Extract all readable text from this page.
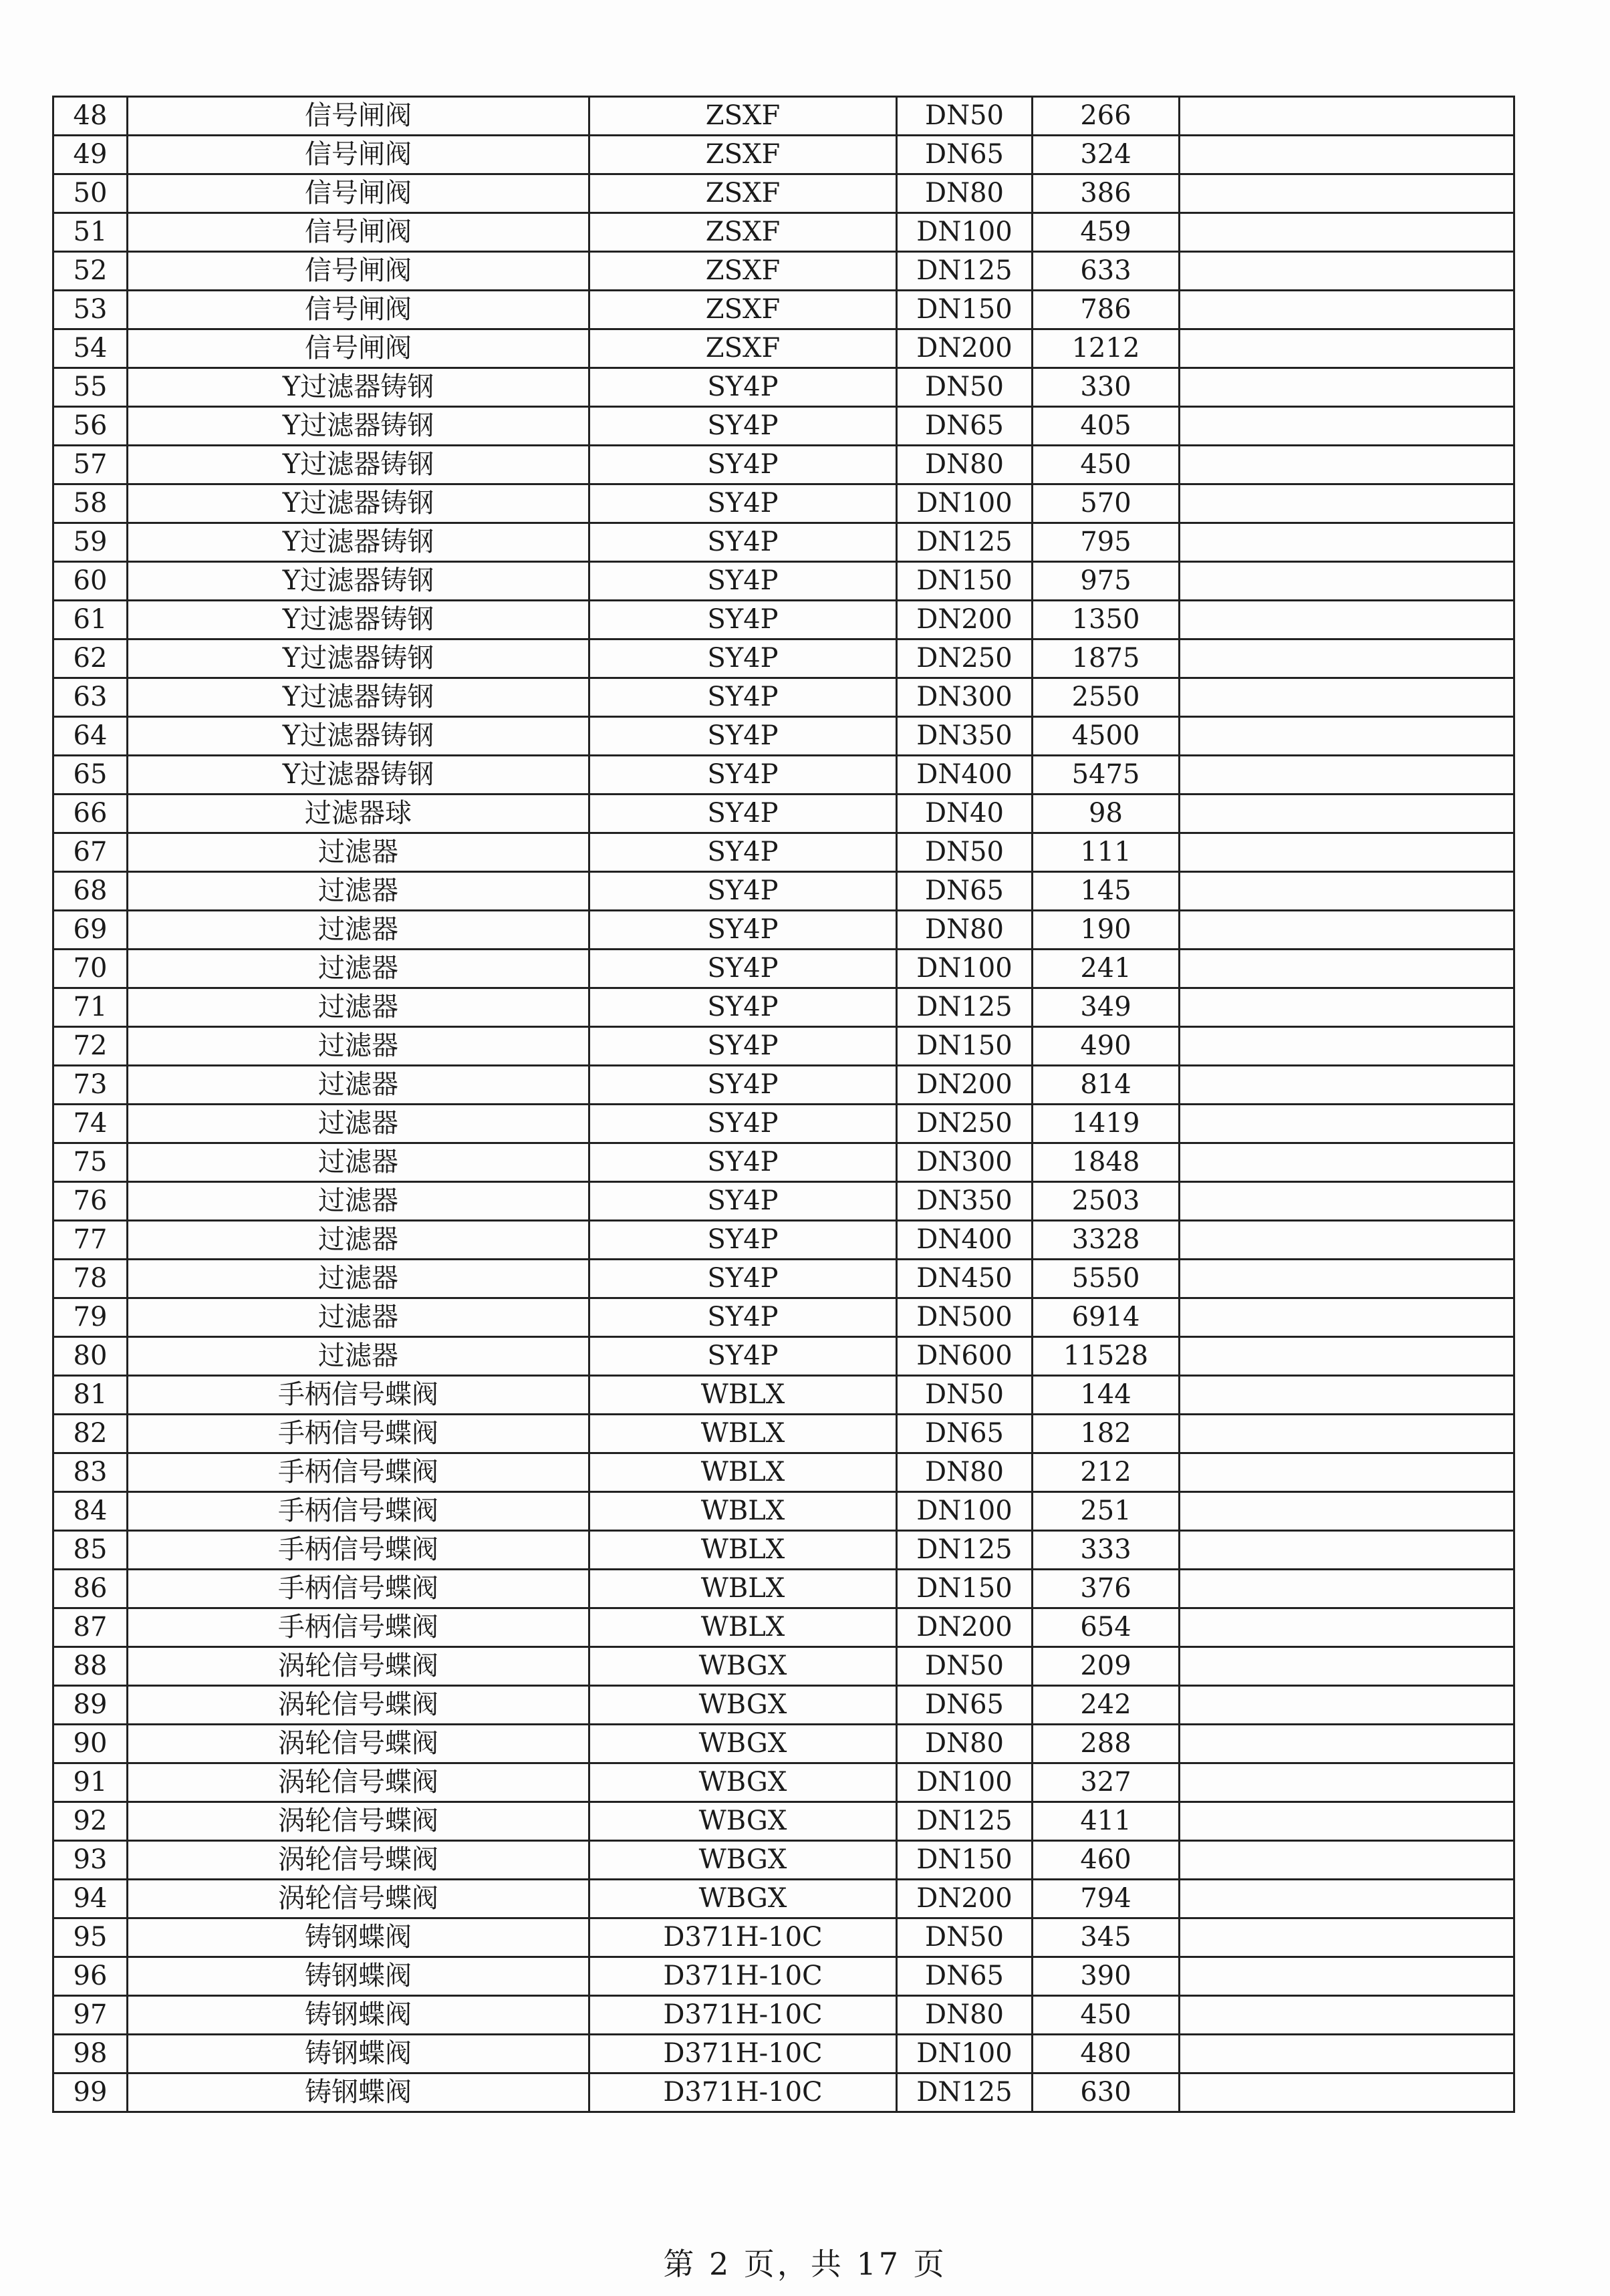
48	信号闸阀	ZSXF	DN50	266	
49	信号闸阀	ZSXF	DN65	324	
50	信号闸阀	ZSXF	DN80	386	
51	信号闸阀	ZSXF	DN100	459	
52	信号闸阀	ZSXF	DN125	633	
53	信号闸阀	ZSXF	DN150	786	
54	信号闸阀	ZSXF	DN200	1212	
55	Y过滤器铸钢	SY4P	DN50	330	
56	Y过滤器铸钢	SY4P	DN65	405	
57	Y过滤器铸钢	SY4P	DN80	450	
58	Y过滤器铸钢	SY4P	DN100	570	
59	Y过滤器铸钢	SY4P	DN125	795	
60	Y过滤器铸钢	SY4P	DN150	975	
61	Y过滤器铸钢	SY4P	DN200	1350	
62	Y过滤器铸钢	SY4P	DN250	1875	
63	Y过滤器铸钢	SY4P	DN300	2550	
64	Y过滤器铸钢	SY4P	DN350	4500	
65	Y过滤器铸钢	SY4P	DN400	5475	
66	过滤器球	SY4P	DN40	98	
67	过滤器	SY4P	DN50	111	
68	过滤器	SY4P	DN65	145	
69	过滤器	SY4P	DN80	190	
70	过滤器	SY4P	DN100	241	
71	过滤器	SY4P	DN125	349	
72	过滤器	SY4P	DN150	490	
73	过滤器	SY4P	DN200	814	
74	过滤器	SY4P	DN250	1419	
75	过滤器	SY4P	DN300	1848	
76	过滤器	SY4P	DN350	2503	
77	过滤器	SY4P	DN400	3328	
78	过滤器	SY4P	DN450	5550	
79	过滤器	SY4P	DN500	6914	
80	过滤器	SY4P	DN600	11528	
81	手柄信号蝶阀	WBLX	DN50	144	
82	手柄信号蝶阀	WBLX	DN65	182	
83	手柄信号蝶阀	WBLX	DN80	212	
84	手柄信号蝶阀	WBLX	DN100	251	
85	手柄信号蝶阀	WBLX	DN125	333	
86	手柄信号蝶阀	WBLX	DN150	376	
87	手柄信号蝶阀	WBLX	DN200	654	
88	涡轮信号蝶阀	WBGX	DN50	209	
89	涡轮信号蝶阀	WBGX	DN65	242	
90	涡轮信号蝶阀	WBGX	DN80	288	
91	涡轮信号蝶阀	WBGX	DN100	327	
92	涡轮信号蝶阀	WBGX	DN125	411	
93	涡轮信号蝶阀	WBGX	DN150	460	
94	涡轮信号蝶阀	WBGX	DN200	794	
95	铸钢蝶阀	D371H-10C	DN50	345	
96	铸钢蝶阀	D371H-10C	DN65	390	
97	铸钢蝶阀	D371H-10C	DN80	450	
98	铸钢蝶阀	D371H-10C	DN100	480	
99	铸钢蝶阀	D371H-10C	DN125	630	
第 2 页，共 17 页
